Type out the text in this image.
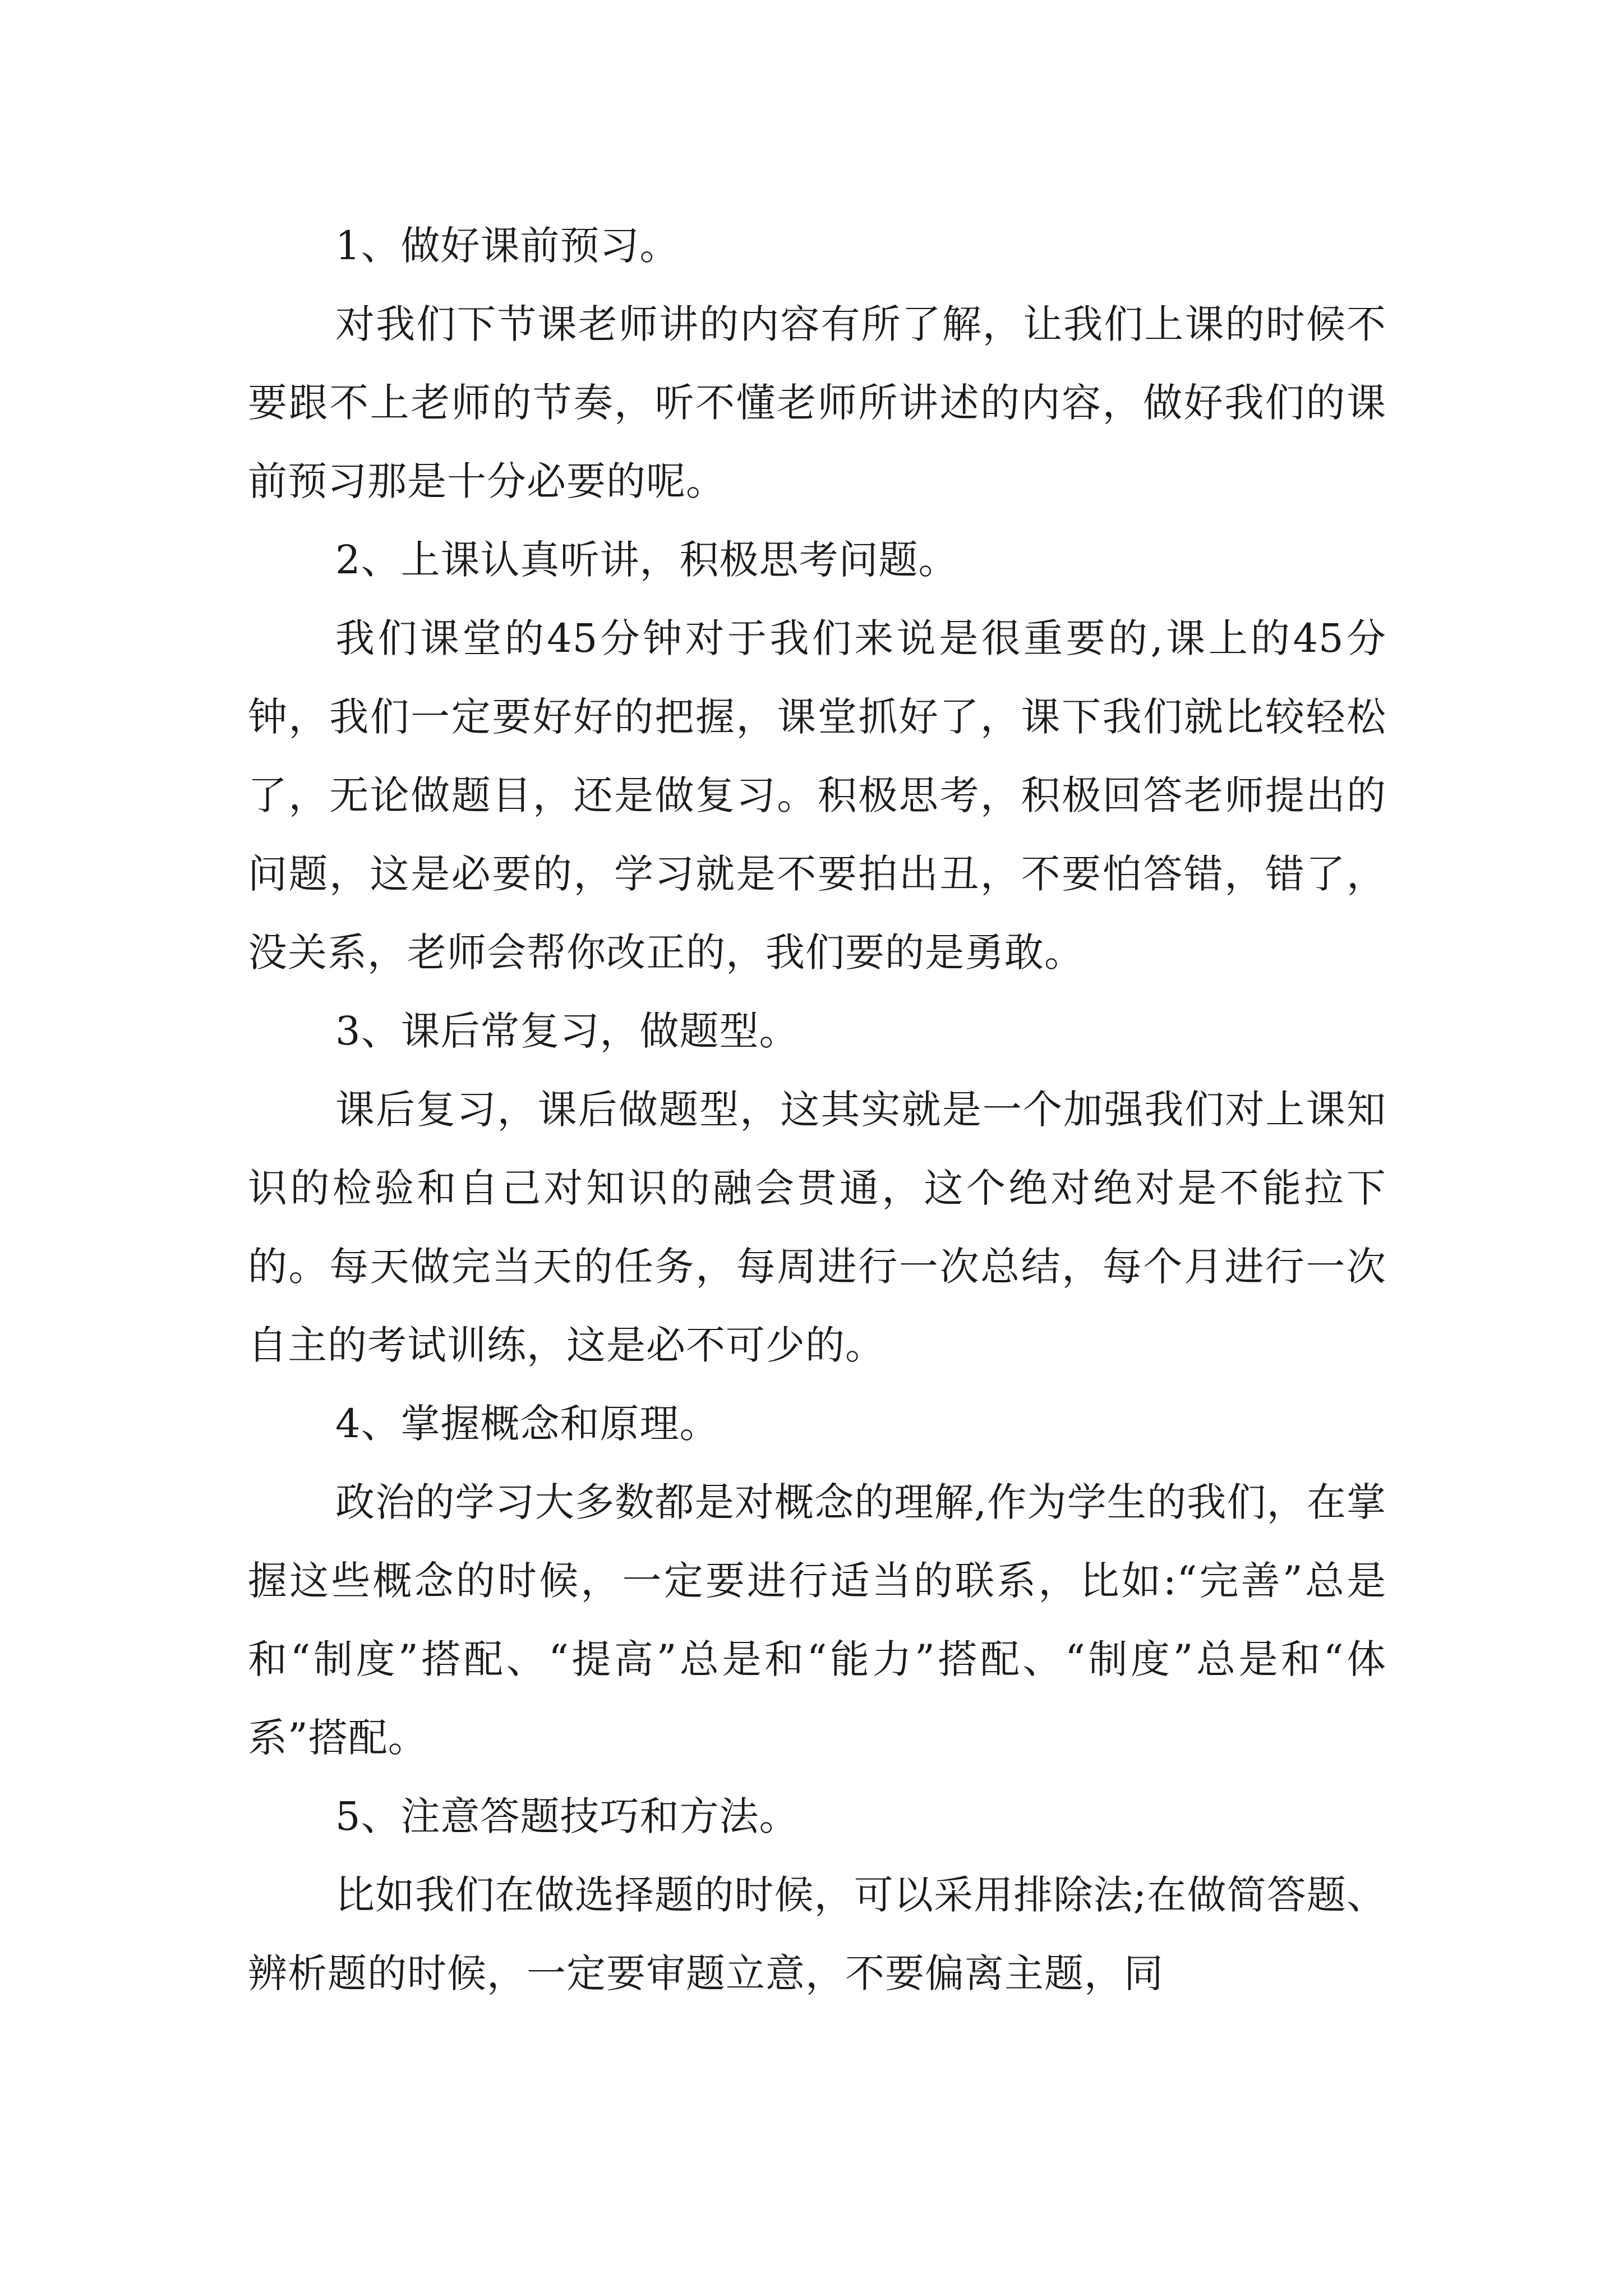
1、做好课前预习。

对我们下节课老师讲的内容有所了解，让我们上课的时候不要跟不上老师的节奏，听不懂老师所讲述的内容，做好我们的课前预习那是十分必要的呢。

2、上课认真听讲，积极思考问题。

我们课堂的45分钟对于我们来说是很重要的,课上的45分钟，我们一定要好好的把握，课堂抓好了，课下我们就比较轻松了，无论做题目，还是做复习。积极思考，积极回答老师提出的问题，这是必要的，学习就是不要拍出丑，不要怕答错，错了，没关系，老师会帮你改正的，我们要的是勇敢。

3、课后常复习，做题型。

课后复习，课后做题型，这其实就是一个加强我们对上课知识的检验和自己对知识的融会贯通，这个绝对绝对是不能拉下的。每天做完当天的任务，每周进行一次总结，每个月进行一次自主的考试训练，这是必不可少的。

4、掌握概念和原理。

政治的学习大多数都是对概念的理解,作为学生的我们，在掌握这些概念的时候，一定要进行适当的联系，比如:“完善”总是和“制度”搭配、“提高”总是和“能力”搭配、“制度”总是和“体系”搭配。

5、注意答题技巧和方法。

比如我们在做选择题的时候，可以采用排除法;在做简答题、辨析题的时候，一定要审题立意，不要偏离主题，同
